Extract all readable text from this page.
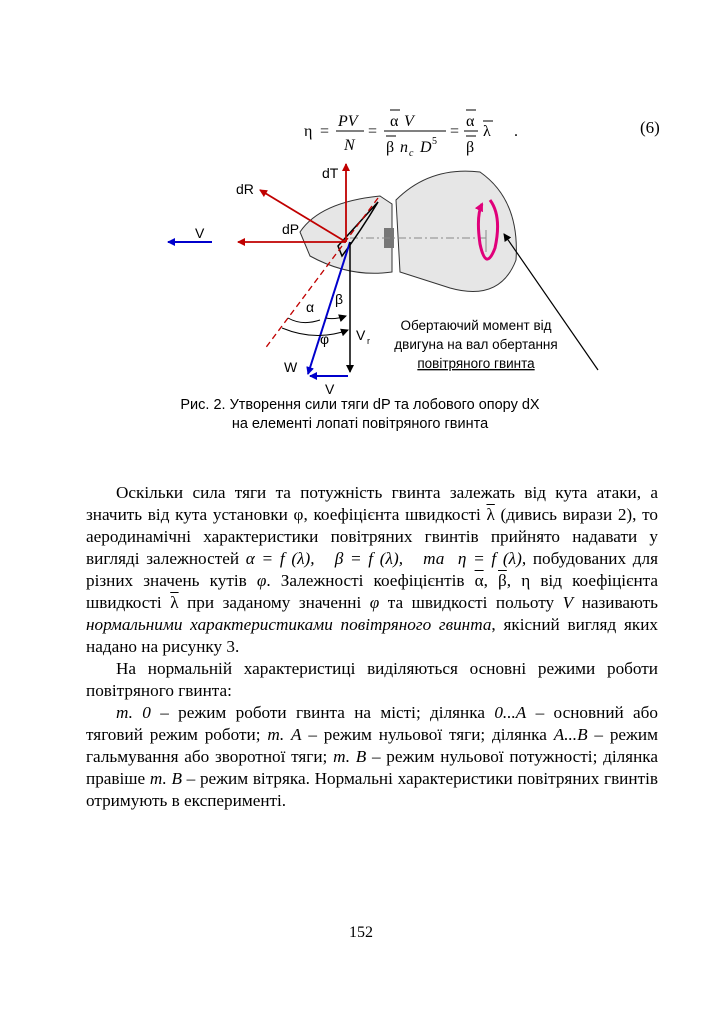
η =
PV
N
=
α V
β n c D 5
=
α
β
λ .	(6)
dT
dR
dP
V
α β
φ
W
V
V r
Обертаючий момент від
двигуна на вал обертання
повітряного гвинта
Рис. 2. Утворення сили тяги dP та лобового опору dX
на елементі лопаті повітряного гвинта

Оскільки сила тяги та потужність гвинта залежать від кута атаки, а значить від кута установки φ, коефіцієнта швидкості $\overline{\lambda}$ (дивись вирази 2), то аеродинамічні характеристики повітряних гвинтів прийнято надавати у вигляді залежностей α = f (λ), β = f (λ), та η = f (λ), побудованих для різних значень кутів φ. Залежності коефіцієнтів $\overline{\alpha}$, $\overline{\beta}$, η від коефіцієнта швидкості $\overline{\lambda}$ при заданому значенні φ та швидкості польоту V називають нормальними характеристиками повітряного гвинта, якісний вигляд яких надано на рисунку 3.

На нормальній характеристиці виділяються основні режими роботи повітряного гвинта:

т. 0 – режим роботи гвинта на місті; ділянка 0...А – основний або тяговий режим роботи; т. А – режим нульової тяги; ділянка А...В – режим гальмування або зворотної тяги; т. В – режим нульової потужності; ділянка правіше т. В – режим вітряка. Нормальні характеристики повітряних гвинтів отримують в експерименті.

152
